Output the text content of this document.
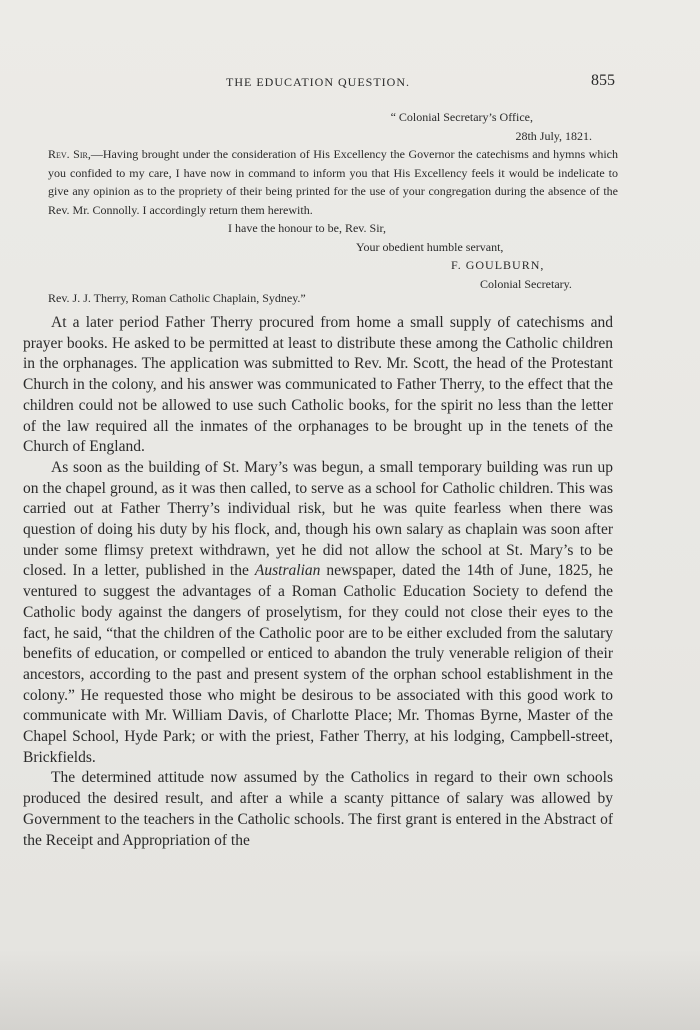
THE EDUCATION QUESTION.	855
“ Colonial Secretary’s Office,
28th July, 1821.
Rev. Sir,—Having brought under the consideration of His Excellency the Governor the catechisms and hymns which you confided to my care, I have now in command to inform you that His Excellency feels it would be indelicate to give any opinion as to the propriety of their being printed for the use of your congregation during the absence of the Rev. Mr. Connolly. I accordingly return them herewith.
I have the honour to be, Rev. Sir,
Your obedient humble servant,
F. GOULBURN,
Colonial Secretary.
Rev. J. J. Therry, Roman Catholic Chaplain, Sydney.”

At a later period Father Therry procured from home a small supply of catechisms and prayer books. He asked to be permitted at least to distribute these among the Catholic children in the orphanages. The application was submitted to Rev. Mr. Scott, the head of the Protestant Church in the colony, and his answer was communicated to Father Therry, to the effect that the children could not be allowed to use such Catholic books, for the spirit no less than the letter of the law required all the inmates of the orphanages to be brought up in the tenets of the Church of England.

As soon as the building of St. Mary’s was begun, a small temporary building was run up on the chapel ground, as it was then called, to serve as a school for Catholic children. This was carried out at Father Therry’s individual risk, but he was quite fearless when there was question of doing his duty by his flock, and, though his own salary as chaplain was soon after under some flimsy pretext withdrawn, yet he did not allow the school at St. Mary’s to be closed. In a letter, published in the Australian newspaper, dated the 14th of June, 1825, he ventured to suggest the advantages of a Roman Catholic Education Society to defend the Catholic body against the dangers of proselytism, for they could not close their eyes to the fact, he said, “that the children of the Catholic poor are to be either excluded from the salutary benefits of education, or compelled or enticed to abandon the truly venerable religion of their ancestors, according to the past and present system of the orphan school establishment in the colony.” He requested those who might be desirous to be associated with this good work to communicate with Mr. William Davis, of Charlotte Place; Mr. Thomas Byrne, Master of the Chapel School, Hyde Park; or with the priest, Father Therry, at his lodging, Campbell-street, Brickfields.

The determined attitude now assumed by the Catholics in regard to their own schools produced the desired result, and after a while a scanty pittance of salary was allowed by Government to the teachers in the Catholic schools. The first grant is entered in the Abstract of the Receipt and Appropriation of the
